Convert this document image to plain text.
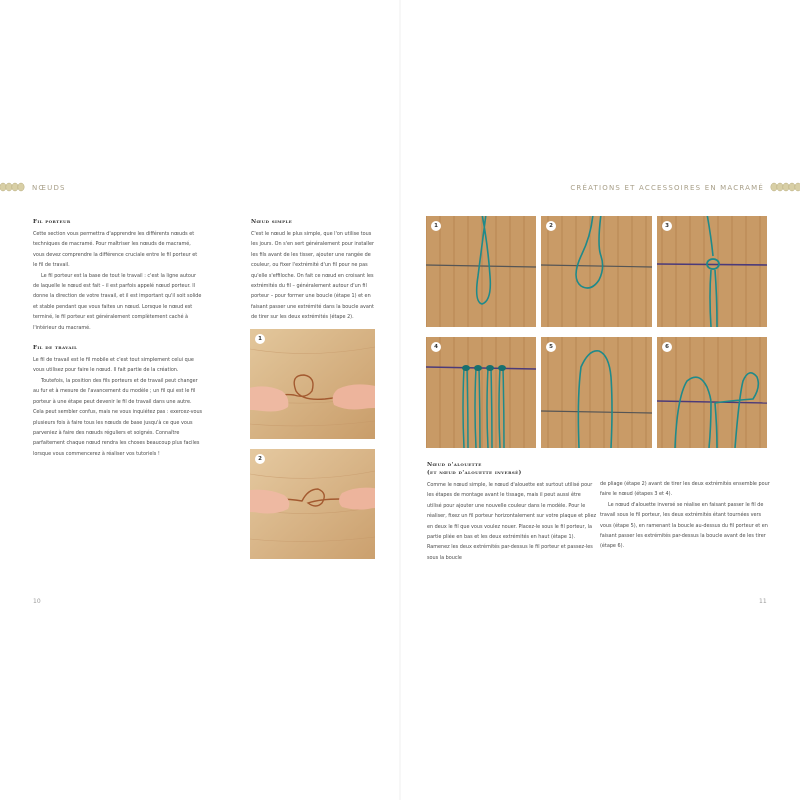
NŒUDS	CRÉATIONS ET ACCESSOIRES EN MACRAMÉ
Fil porteur

Cette section vous permettra d'apprendre les différents nœuds et techniques de macramé. Pour maîtriser les nœuds de macramé, vous devez comprendre la différence cruciale entre le fil porteur et le fil de travail.

Le fil porteur est la base de tout le travail : c'est la ligne autour de laquelle le nœud est fait – il est parfois appelé nœud porteur. Il donne la direction de votre travail, et il est important qu'il soit solide et stable pendant que vous faites un nœud. Lorsque le nœud est terminé, le fil porteur est généralement complètement caché à l'intérieur du macramé.

Fil de travail

Le fil de travail est le fil mobile et c'est tout simplement celui que vous utilisez pour faire le nœud. Il fait partie de la création.

Toutefois, la position des fils porteurs et de travail peut changer au fur et à mesure de l'avancement du modèle ; un fil qui est le fil porteur à une étape peut devenir le fil de travail dans une autre. Cela peut sembler confus, mais ne vous inquiétez pas : exercez-vous plusieurs fois à faire tous les nœuds de base jusqu'à ce que vous parveniez à faire des nœuds réguliers et soignés. Connaître parfaitement chaque nœud rendra les choses beaucoup plus faciles lorsque vous commencerez à réaliser vos tutoriels !

Nœud simple

C'est le nœud le plus simple, que l'on utilise tous les jours. On s'en sert généralement pour installer les fils avant de les tisser, ajouter une rangée de couleur, ou fixer l'extrémité d'un fil pour ne pas qu'elle s'effiloche. On fait ce nœud en croisant les extrémités du fil – généralement autour d'un fil porteur – pour former une boucle (étape 1) et en faisant passer une extrémité dans la boucle avant de tirer sur les deux extrémités (étape 2).

1
2
1	2	3
4	5	6
Nœud d'alouette
(et nœud d'alouette inversé)

Comme le nœud simple, le nœud d'alouette est surtout utilisé pour les étapes de montage avant le tissage, mais il peut aussi être utilisé pour ajouter une nouvelle couleur dans le modèle. Pour le réaliser, fixez un fil porteur horizontalement sur votre plaque et pliez en deux le fil que vous voulez nouer. Placez-le sous le fil porteur, la partie pliée en bas et les deux extrémités en haut (étape 1). Ramenez les deux extrémités par-dessus le fil porteur et passez-les sous la boucle

de pliage (étape 2) avant de tirer les deux extrémités ensemble pour faire le nœud (étapes 3 et 4).

Le nœud d'alouette inversé se réalise en faisant passer le fil de travail sous le fil porteur, les deux extrémités étant tournées vers vous (étape 5), en ramenant la boucle au-dessus du fil porteur et en faisant passer les extrémités par-dessus la boucle avant de les tirer (étape 6).

10	11
